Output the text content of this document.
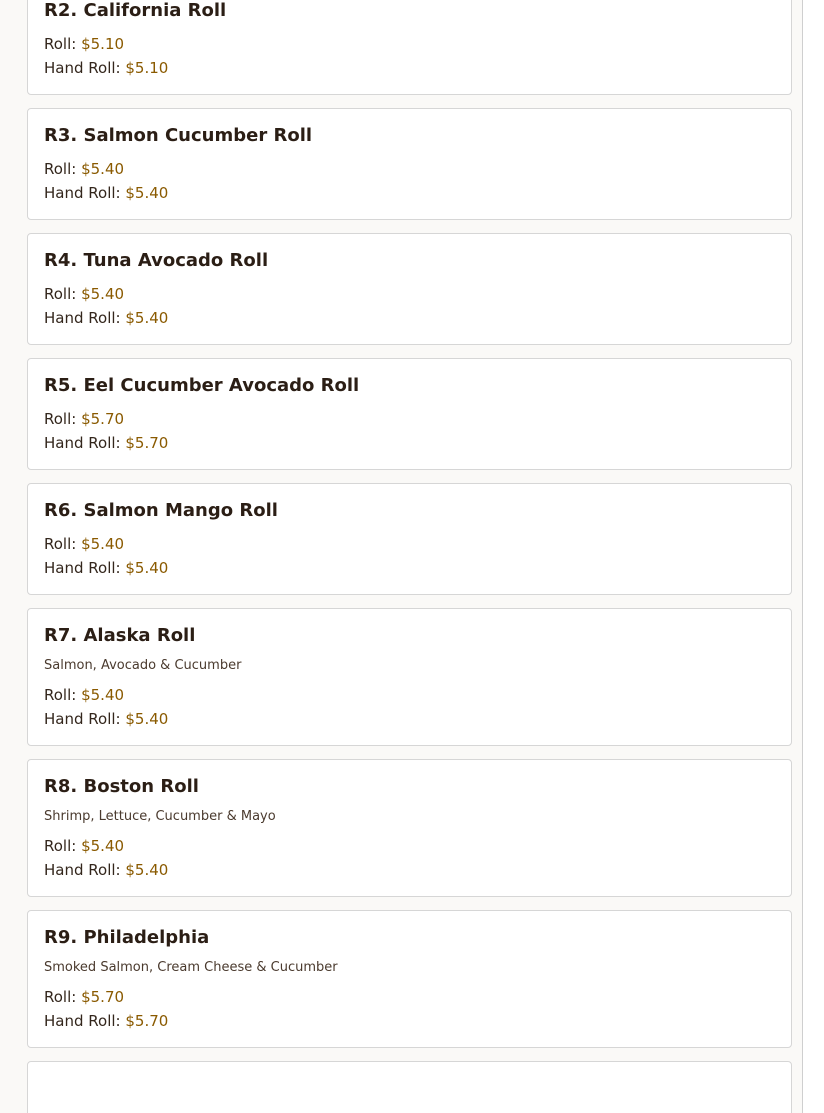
R2. California Roll
Roll: $5.10
Hand Roll: $5.10
R3. Salmon Cucumber Roll
Roll: $5.40
Hand Roll: $5.40
R4. Tuna Avocado Roll
Roll: $5.40
Hand Roll: $5.40
R5. Eel Cucumber Avocado Roll
Roll: $5.70
Hand Roll: $5.70
R6. Salmon Mango Roll
Roll: $5.40
Hand Roll: $5.40
R7. Alaska Roll
Salmon, Avocado & Cucumber
Roll: $5.40
Hand Roll: $5.40
R8. Boston Roll
Shrimp, Lettuce, Cucumber & Mayo
Roll: $5.40
Hand Roll: $5.40
R9. Philadelphia
Smoked Salmon, Cream Cheese & Cucumber
Roll: $5.70
Hand Roll: $5.70
